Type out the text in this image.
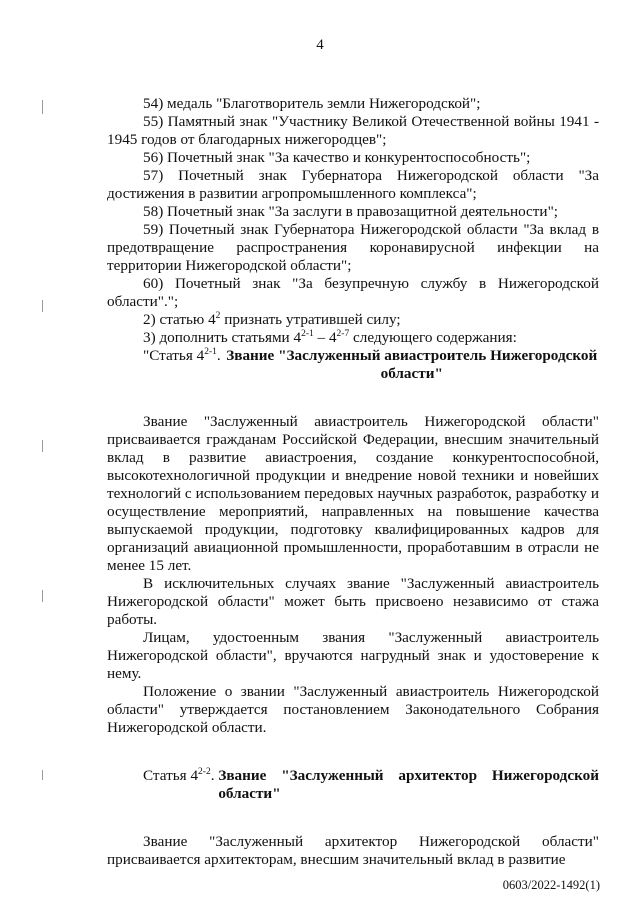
4

54) медаль "Благотворитель земли Нижегородской";

55) Памятный знак "Участнику Великой Отечественной войны 1941 - 1945 годов от благодарных нижегородцев";

56) Почетный знак "За качество и конкурентоспособность";

57) Почетный знак Губернатора Нижегородской области "За достижения в развитии агропромышленного комплекса";

58) Почетный знак "За заслуги в правозащитной деятельности";

59) Почетный знак Губернатора Нижегородской области "За вклад в предотвращение распространения коронавирусной инфекции на территории Нижегородской области";

60) Почетный знак "За безупречную службу в Нижегородской области".";

2) статью $4^2$ признать утратившей силу;

3) дополнить статьями 4$^{2-1}$ – 4$^{2-7}$ следующего содержания:

"Статья 4$^{2-1}$. Звание "Заслуженный авиастроитель Нижегородской области"

Звание "Заслуженный авиастроитель Нижегородской области" присваивается гражданам Российской Федерации, внесшим значительный вклад в развитие авиастроения, создание конкурентоспособной, высокотехнологичной продукции и внедрение новой техники и новейших технологий с использованием передовых научных разработок, разработку и осуществление мероприятий, направленных на повышение качества выпускаемой продукции, подготовку квалифицированных кадров для организаций авиационной промышленности, проработавшим в отрасли не менее 15 лет.

В исключительных случаях звание "Заслуженный авиастроитель Нижегородской области" может быть присвоено независимо от стажа работы.

Лицам, удостоенным звания "Заслуженный авиастроитель Нижегородской области", вручаются нагрудный знак и удостоверение к нему.

Положение о звании "Заслуженный авиастроитель Нижегородской области" утверждается постановлением Законодательного Собрания Нижегородской области.

Статья 4$^{2-2}$. Звание "Заслуженный архитектор Нижегородской области"

Звание "Заслуженный архитектор Нижегородской области" присваивается архитекторам, внесшим значительный вклад в развитие

0603/2022-1492(1)
